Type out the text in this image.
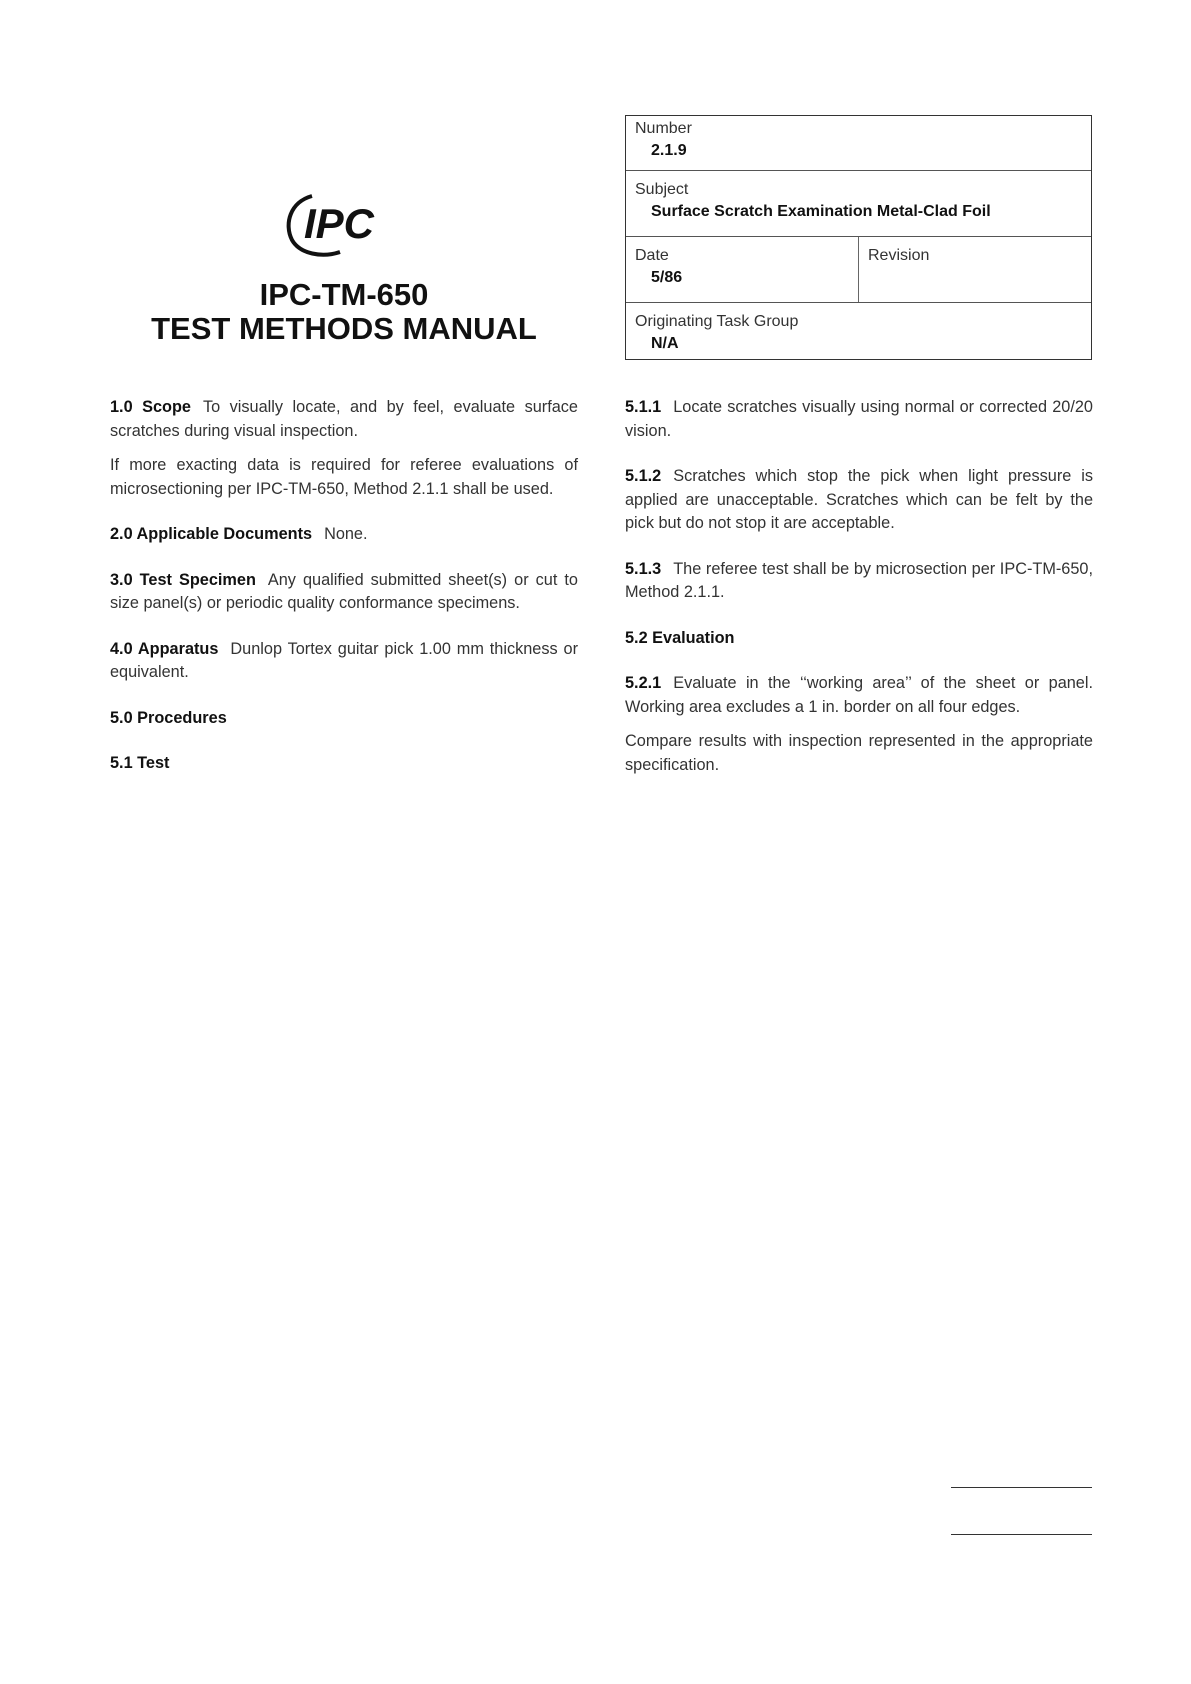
IPC
IPC-TM-650
TEST METHODS MANUAL
Number
2.1.9
Subject
Surface Scratch Examination Metal-Clad Foil
Date
5/86
Revision
Originating Task Group
N/A

1.0 Scope To visually locate, and by feel, evaluate surface scratches during visual inspection.

If more exacting data is required for referee evaluations of microsectioning per IPC-TM-650, Method 2.1.1 shall be used.

2.0 Applicable Documents None.

3.0 Test Specimen Any qualified submitted sheet(s) or cut to size panel(s) or periodic quality conformance specimens.

4.0 Apparatus Dunlop Tortex guitar pick 1.00 mm thickness or equivalent.

5.0 Procedures

5.1 Test

5.1.1 Locate scratches visually using normal or corrected 20/20 vision.

5.1.2 Scratches which stop the pick when light pressure is applied are unacceptable. Scratches which can be felt by the pick but do not stop it are acceptable.

5.1.3 The referee test shall be by microsection per IPC-TM-650, Method 2.1.1.

5.2 Evaluation

5.2.1 Evaluate in the ‘‘working area’’ of the sheet or panel. Working area excludes a 1 in. border on all four edges.

Compare results with inspection represented in the appropriate specification.
